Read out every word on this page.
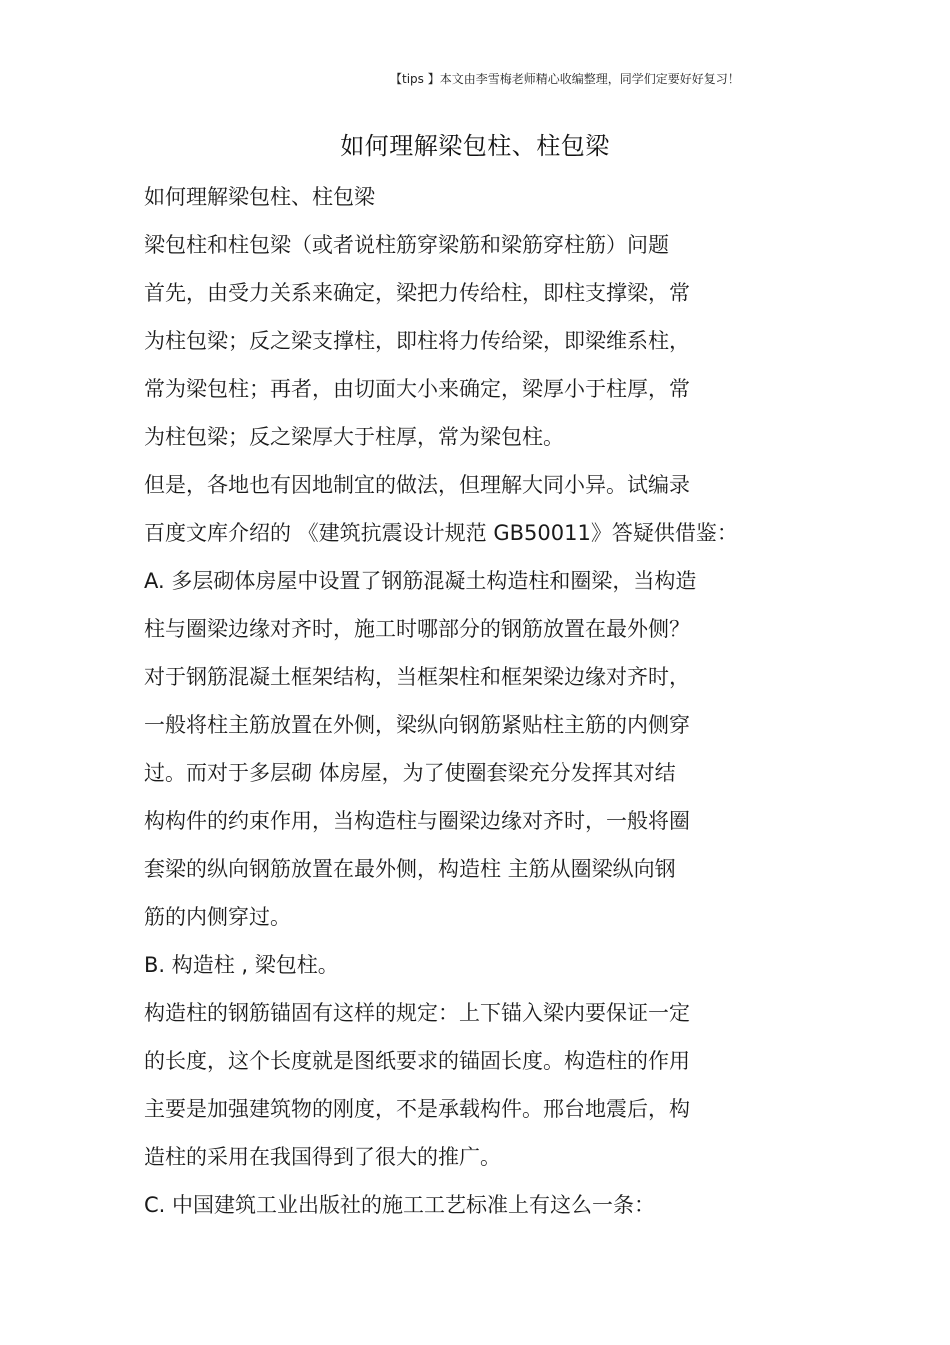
【tips 】本文由李雪梅老师精心收编整理，同学们定要好好复习！
如何理解梁包柱、柱包梁
如何理解梁包柱、柱包梁
梁包柱和柱包梁（或者说柱筋穿梁筋和梁筋穿柱筋）问题
首先，由受力关系来确定，梁把力传给柱，即柱支撑梁，常
为柱包梁；反之梁支撑柱，即柱将力传给梁，即梁维系柱，
常为梁包柱；再者，由切面大小来确定，梁厚小于柱厚，常
为柱包梁；反之梁厚大于柱厚，常为梁包柱。
但是，各地也有因地制宜的做法，但理解大同小异。试编录
百度文库介绍的 《建筑抗震设计规范 GB50011》答疑供借鉴：
A. 多层砌体房屋中设置了钢筋混凝土构造柱和圈梁，当构造
柱与圈梁边缘对齐时，施工时哪部分的钢筋放置在最外侧？
对于钢筋混凝土框架结构，当框架柱和框架梁边缘对齐时，
一般将柱主筋放置在外侧，梁纵向钢筋紧贴柱主筋的内侧穿
过。而对于多层砌 体房屋，为了使圈套梁充分发挥其对结
构构件的约束作用，当构造柱与圈梁边缘对齐时，一般将圈
套梁的纵向钢筋放置在最外侧，构造柱 主筋从圈梁纵向钢
筋的内侧穿过。
B. 构造柱 , 梁包柱。
构造柱的钢筋锚固有这样的规定：上下锚入梁内要保证一定
的长度，这个长度就是图纸要求的锚固长度。构造柱的作用
主要是加强建筑物的刚度，不是承载构件。邢台地震后，构
造柱的采用在我国得到了很大的推广。
C. 中国建筑工业出版社的施工工艺标准上有这么一条：
